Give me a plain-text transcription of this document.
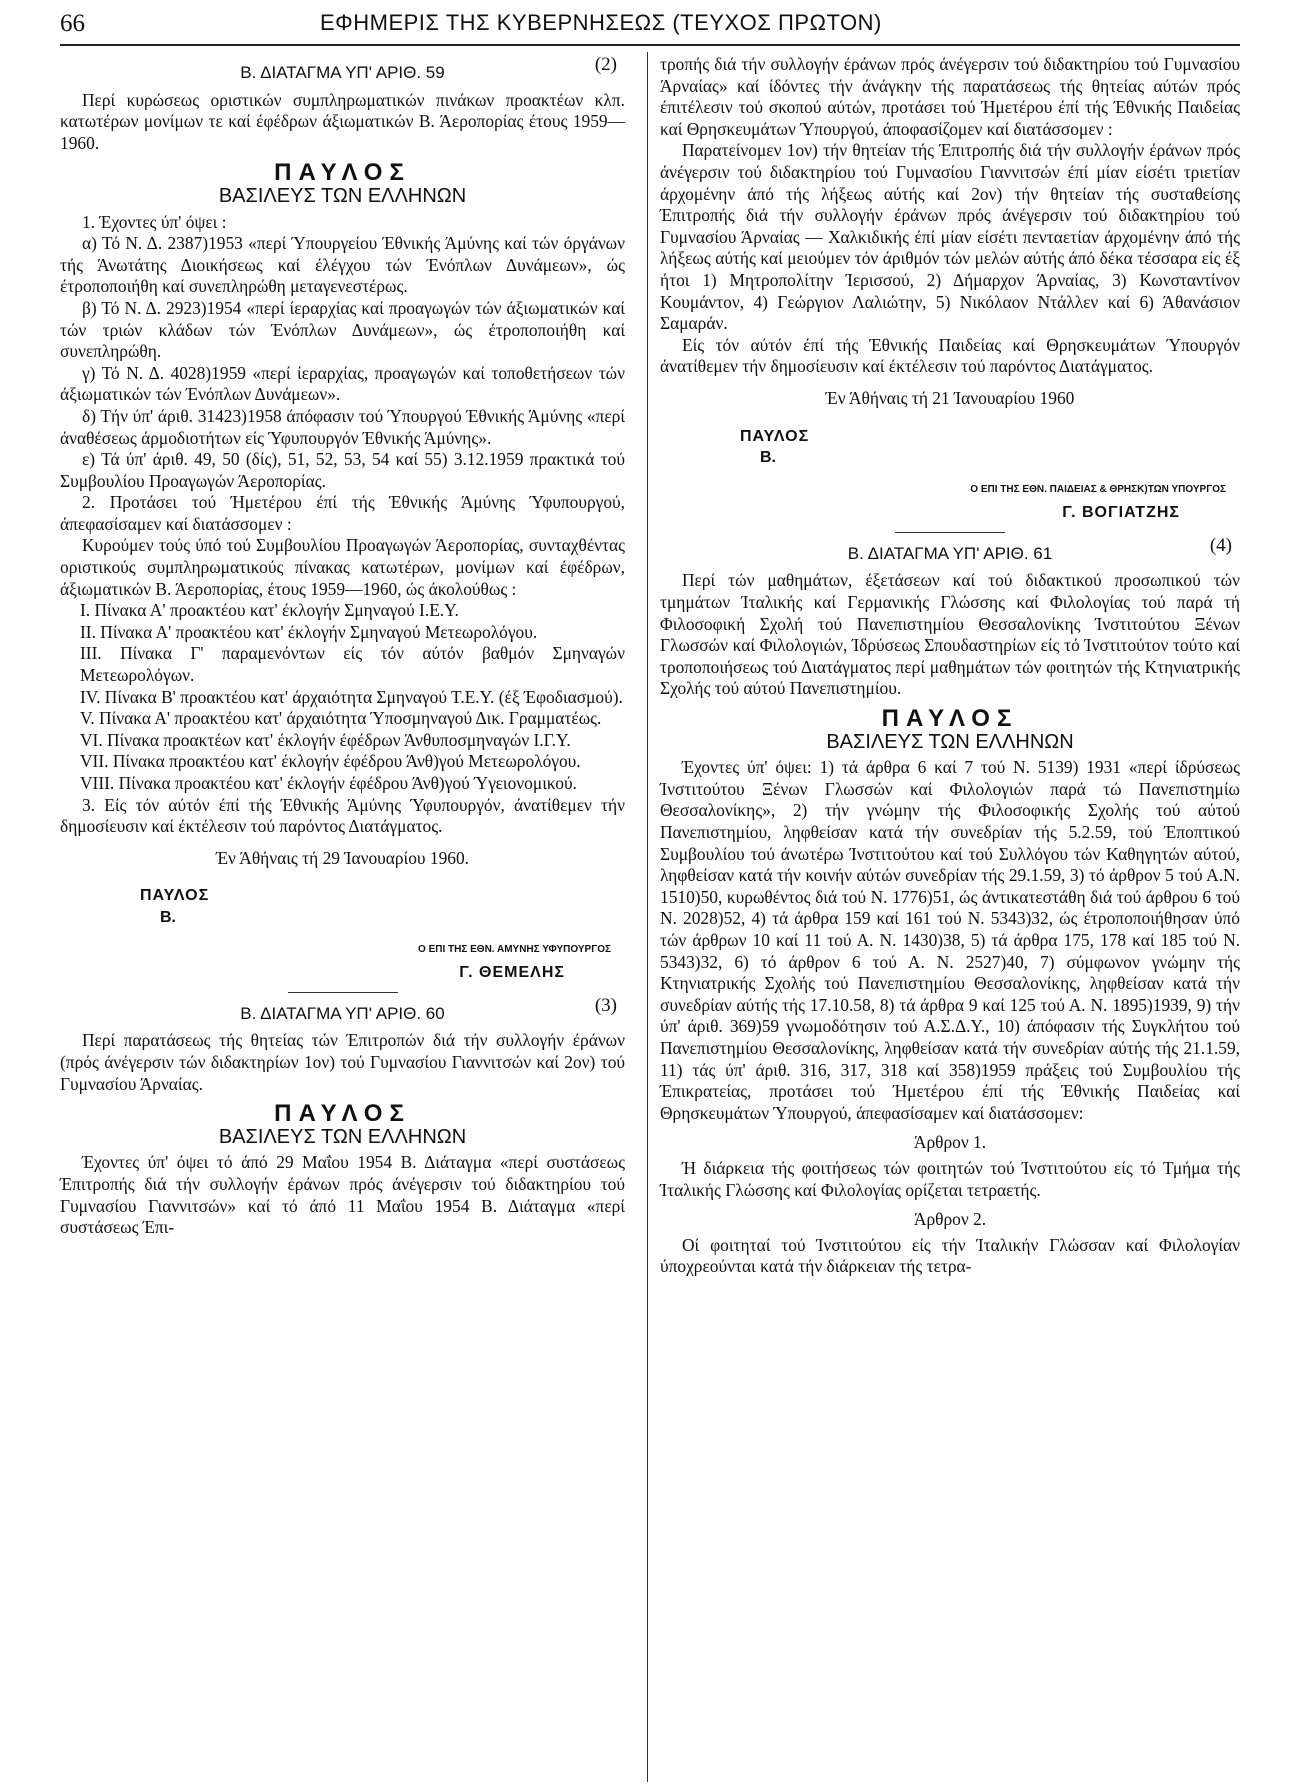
66	ΕΦΗΜΕΡΙΣ ΤΗΣ ΚΥΒΕΡΝΗΣΕΩΣ (ΤΕΥΧΟΣ ΠΡΩΤΟΝ)
Β. ΔΙΑΤΑΓΜΑ ΥΠ' ΑΡΙΘ. 59	(2)

Περί κυρώσεως οριστικών συμπληρωματικών πινάκων προακτέων κλπ. κατωτέρων μονίμων τε καί έφέδρων άξιωματικών Β. Άεροπορίας έτους 1959—1960.

ΠΑΥΛΟΣ
ΒΑΣΙΛΕΥΣ ΤΩΝ ΕΛΛΗΝΩΝ

1. Έχοντες ύπ' όψει :

α) Τό Ν. Δ. 2387)1953 «περί Ύπουργείου Έθνικής Άμύνης καί τών όργάνων τής Άνωτάτης Διοικήσεως καί έλέγχου τών Ένόπλων Δυνάμεων», ώς έτροποποιήθη καί συνεπληρώθη μεταγενεστέρως.

β) Τό Ν. Δ. 2923)1954 «περί ίεραρχίας καί προαγωγών τών άξιωματικών καί τών τριών κλάδων τών Ένόπλων Δυνάμεων», ώς έτροποποιήθη καί συνεπληρώθη.

γ) Τό Ν. Δ. 4028)1959 «περί ίεραρχίας, προαγωγών καί τοποθετήσεων τών άξιωματικών τών Ένόπλων Δυνάμεων».

δ) Τήν ύπ' άριθ. 31423)1958 άπόφασιν τού Ύπουργού Έθνικής Άμύνης «περί άναθέσεως άρμοδιοτήτων είς Ύφυπουργόν Έθνικής Άμύνης».

ε) Τά ύπ' άριθ. 49, 50 (δίς), 51, 52, 53, 54 καί 55) 3.12.1959 πρακτικά τού Συμβουλίου Προαγωγών Άεροπορίας.

2. Προτάσει τού Ήμετέρου έπί τής Έθνικής Άμύνης Ύφυπουργού, άπεφασίσαμεν καί διατάσσομεν :

Κυρούμεν τούς ύπό τού Συμβουλίου Προαγωγών Άεροπορίας, συνταχθέντας οριστικούς συμπληρωματικούς πίνακας κατωτέρων, μονίμων καί έφέδρων, άξιωματικών Β. Άεροπορίας, έτους 1959—1960, ώς άκολούθως :

Ι. Πίνακα Α' προακτέου κατ' έκλογήν Σμηναγού Ι.Ε.Υ.

ΙΙ. Πίνακα Α' προακτέου κατ' έκλογήν Σμηναγού Μετεωρολόγου.

ΙΙΙ. Πίνακα Γ' παραμενόντων είς τόν αύτόν βαθμόν Σμηναγών Μετεωρολόγων.

IV. Πίνακα Β' προακτέου κατ' άρχαιότητα Σμηναγού Τ.Ε.Υ. (έξ Έφοδιασμού).

V. Πίνακα Α' προακτέου κατ' άρχαιότητα Ύποσμηναγού Δικ. Γραμματέως.

VI. Πίνακα προακτέων κατ' έκλογήν έφέδρων Άνθυποσμηναγών Ι.Γ.Υ.

VII. Πίνακα προακτέου κατ' έκλογήν έφέδρου Άνθ)γού Μετεωρολόγου.

VIII. Πίνακα προακτέου κατ' έκλογήν έφέδρου Άνθ)γού Ύγειονομικού.

3. Είς τόν αύτόν έπί τής Έθνικής Άμύνης Ύφυπουργόν, άνατίθεμεν τήν δημοσίευσιν καί έκτέλεσιν τού παρόντος Διατάγματος.

Έν Άθήναις τή 29 Ίανουαρίου 1960.
ΠΑΥΛΟΣ
Β.
Ο ΕΠΙ ΤΗΣ ΕΘΝ. ΑΜΥΝΗΣ ΥΦΥΠΟΥΡΓΟΣ
Γ. ΘΕΜΕΛΗΣ
Β. ΔΙΑΤΑΓΜΑ ΥΠ' ΑΡΙΘ. 60	(3)

Περί παρατάσεως τής θητείας τών Έπιτροπών διά τήν συλλογήν έράνων (πρός άνέγερσιν τών διδακτηρίων 1ον) τού Γυμνασίου Γιαννιτσών καί 2ον) τού Γυμνασίου Άρναίας.

ΠΑΥΛΟΣ
ΒΑΣΙΛΕΥΣ ΤΩΝ ΕΛΛΗΝΩΝ

Έχοντες ύπ' όψει τό άπό 29 Μαΐου 1954 Β. Διάταγμα «περί συστάσεως Έπιτροπής διά τήν συλλογήν έράνων πρός άνέγερσιν τού διδακτηρίου τού Γυμνασίου Γιαννιτσών» καί τό άπό 11 Μαΐου 1954 Β. Διάταγμα «περί συστάσεως Έπι-

τροπής διά τήν συλλογήν έράνων πρός άνέγερσιν τού διδακτηρίου τού Γυμνασίου Άρναίας» καί ίδόντες τήν άνάγκην τής παρατάσεως τής θητείας αύτών πρός έπιτέλεσιν τού σκοπού αύτών, προτάσει τού Ήμετέρου έπί τής Έθνικής Παιδείας καί Θρησκευμάτων Ύπουργού, άποφασίζομεν καί διατάσσομεν :

Παρατείνομεν 1ον) τήν θητείαν τής Έπιτροπής διά τήν συλλογήν έράνων πρός άνέγερσιν τού διδακτηρίου τού Γυμνασίου Γιαννιτσών έπί μίαν είσέτι τριετίαν άρχομένην άπό τής λήξεως αύτής καί 2ον) τήν θητείαν τής συσταθείσης Έπιτροπής διά τήν συλλογήν έράνων πρός άνέγερσιν τού διδακτηρίου τού Γυμνασίου Άρναίας — Χαλκιδικής έπί μίαν είσέτι πενταετίαν άρχομένην άπό τής λήξεως αύτής καί μειούμεν τόν άριθμόν τών μελών αύτής άπό δέκα τέσσαρα είς έξ ήτοι 1) Μητροπολίτην Ίερισσού, 2) Δήμαρχον Άρναίας, 3) Κωνσταντίνον Κουμάντον, 4) Γεώργιον Λαλιώτην, 5) Νικόλαον Ντάλλεν καί 6) Άθανάσιον Σαμαράν.

Είς τόν αύτόν έπί τής Έθνικής Παιδείας καί Θρησκευμάτων Ύπουργόν άνατίθεμεν τήν δημοσίευσιν καί έκτέλεσιν τού παρόντος Διατάγματος.

Έν Άθήναις τή 21 Ίανουαρίου 1960
ΠΑΥΛΟΣ
Β.
Ο ΕΠΙ ΤΗΣ ΕΘΝ. ΠΑΙΔΕΙΑΣ & ΘΡΗΣΚ)ΤΩΝ ΥΠΟΥΡΓΟΣ
Γ. ΒΟΓΙΑΤΖΗΣ
Β. ΔΙΑΤΑΓΜΑ ΥΠ' ΑΡΙΘ. 61	(4)

Περί τών μαθημάτων, έξετάσεων καί τού διδακτικού προσωπικού τών τμημάτων Ίταλικής καί Γερμανικής Γλώσσης καί Φιλολογίας τού παρά τή Φιλοσοφική Σχολή τού Πανεπιστημίου Θεσσαλονίκης Ίνστιτούτου Ξένων Γλωσσών καί Φιλολογιών, Ίδρύσεως Σπουδαστηρίων είς τό Ίνστιτούτον τούτο καί τροποποιήσεως τού Διατάγματος περί μαθημάτων τών φοιτητών τής Κτηνιατρικής Σχολής τού αύτού Πανεπιστημίου.

ΠΑΥΛΟΣ
ΒΑΣΙΛΕΥΣ ΤΩΝ ΕΛΛΗΝΩΝ

Έχοντες ύπ' όψει: 1) τά άρθρα 6 καί 7 τού Ν. 5139) 1931 «περί ίδρύσεως Ίνστιτούτου Ξένων Γλωσσών καί Φιλολογιών παρά τώ Πανεπιστημίω Θεσσαλονίκης», 2) τήν γνώμην τής Φιλοσοφικής Σχολής τού αύτού Πανεπιστημίου, ληφθείσαν κατά τήν συνεδρίαν τής 5.2.59, τού Έποπτικού Συμβουλίου τού άνωτέρω Ίνστιτούτου καί τού Συλλόγου τών Καθηγητών αύτού, ληφθείσαν κατά τήν κοινήν αύτών συνεδρίαν τής 29.1.59, 3) τό άρθρον 5 τού Α.Ν. 1510)50, κυρωθέντος διά τού Ν. 1776)51, ώς άντικατεστάθη διά τού άρθρου 6 τού Ν. 2028)52, 4) τά άρθρα 159 καί 161 τού Ν. 5343)32, ώς έτροποποιήθησαν ύπό τών άρθρων 10 καί 11 τού Α. Ν. 1430)38, 5) τά άρθρα 175, 178 καί 185 τού Ν. 5343)32, 6) τό άρθρον 6 τού Α. Ν. 2527)40, 7) σύμφωνον γνώμην τής Κτηνιατρικής Σχολής τού Πανεπιστημίου Θεσσαλονίκης, ληφθείσαν κατά τήν συνεδρίαν αύτής τής 17.10.58, 8) τά άρθρα 9 καί 125 τού Α. Ν. 1895)1939, 9) τήν ύπ' άριθ. 369)59 γνωμοδότησιν τού Α.Σ.Δ.Υ., 10) άπόφασιν τής Συγκλήτου τού Πανεπιστημίου Θεσσαλονίκης, ληφθείσαν κατά τήν συνεδρίαν αύτής τής 21.1.59, 11) τάς ύπ' άριθ. 316, 317, 318 καί 358)1959 πράξεις τού Συμβουλίου τής Έπικρατείας, προτάσει τού Ήμετέρου έπί τής Έθνικής Παιδείας καί Θρησκευμάτων Ύπουργού, άπεφασίσαμεν καί διατάσσομεν:

Άρθρον 1.

Ή διάρκεια τής φοιτήσεως τών φοιτητών τού Ίνστιτούτου είς τό Τμήμα τής Ίταλικής Γλώσσης καί Φιλολογίας ορίζεται τετραετής.

Άρθρον 2.

Οί φοιτηταί τού Ίνστιτούτου είς τήν Ίταλικήν Γλώσσαν καί Φιλολογίαν ύποχρεούνται κατά τήν διάρκειαν τής τετρα-
